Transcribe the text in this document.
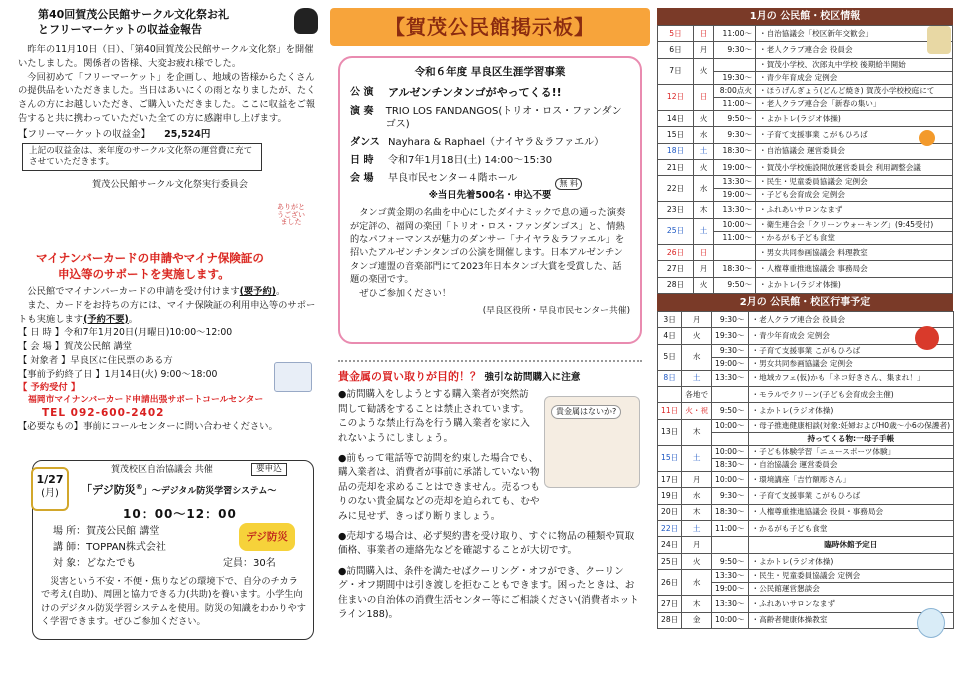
第40回賀茂公民館サークル文化祭お礼
とフリーマーケットの収益金報告
昨年の11月10日（日）、「第40回賀茂公民館サークル文化祭」を開催いたしました。関係者の皆様、大変お疲れ様でした。
今回初めて「フリーマーケット」を企画し、地域の皆様からたくさんの提供品をいただきました。当日はあいにくの雨となりましたが、たくさんの方にお越しいただき、ご購入いただきました。ここに収益をご報告すると共に携わっていただいた全ての方に感謝申し上げます。
【フリーマーケットの収益金】 25,524円
上記の収益金は、来年度のサークル文化祭の運営費に充てさせていただきます。
賀茂公民館サークル文化祭実行委員会
ありがとうございました
マイナンバーカードの申請やマイナ保険証の
申込等のサポートを実施します。
公民館でマイナンバーカードの申請を受け付けます(要予約)。
また、カードをお持ちの方には、マイナ保険証の利用申込等のサポートも実施します(予約不要)。
【 日 時 】令和7年1月20日(月曜日)10:00～12:00
【 会 場 】賀茂公民館 講堂
【 対象者 】早良区に住民票のある方
【事前予約終了日 】1月14日(火) 9:00～18:00
【 予約受付 】
福岡市マイナンバーカード申請出張サポートコールセンター
TEL 092-600-2402
【必要なもの】事前にコールセンターに問い合わせください。
1/27
(月)
賀茂校区自治協議会 共催	要申込
「デジ防災®」～デジタル防災学習システム～
10：00～12：00
場 所：賀茂公民館 講堂
講 師：TOPPAN株式会社
対 象：どなたでも	定員：30名
デジ防災
災害という不安・不便・焦りなどの環境下で、自分のチカラで考え(自助)、周囲と協力できる力(共助)を養います。小学生向けのデジタル防災学習システムを使用。防災の知識をわかりやすく学習できます。ぜひご参加ください。
【賀茂公民館掲示板】
令和６年度 早良区生涯学習事業
公 演	アルゼンチンタンゴがやってくる!!
演 奏	TRIO LOS FANDANGOS(トリオ・ロス・ファンダンゴス)
ダンス Nayhara & Raphael（ナイヤラ＆ラファエル）
日 時	令和7年1月18日(土) 14:00～15:30
会 場	早良市民センター４階ホール	無 料
※当日先着500名・申込不要
タンゴ黄金期の名曲を中心にしたダイナミックで息の通った演奏が定評の、福岡の楽団「トリオ・ロス・ファンダンゴス」と、情熱的なパフォーマンスが魅力のダンサー「ナイヤラ＆ラファエル」を招いたアルゼンチンタンゴの公演を開催します。日本アルゼンチンタンゴ連盟の音楽部門にて2023年日本タンゴ大賞を受賞した、話題の楽団です。
ぜひご参加ください！
(早良区役所・早良市民センター共催)
貴金属の買い取りが目的！？ 強引な訪問購入に注意
貴金属はないか?
●訪問購入をしようとする購入業者が突然訪問して勧誘をすることは禁止されています。このような禁止行為を行う購入業者を家に入れないようにしましょう。
●前もって電話等で訪問を約束した場合でも、購入業者は、消費者が事前に承諾していない物品の売却を求めることはできません。売るつもりのない貴金属などの売却を迫られても、むやみに見せず、きっぱり断りましょう。
●売却する場合は、必ず契約書を受け取り、すぐに物品の種類や買取価格、事業者の連絡先などを確認することが大切です。
●訪問購入は、条件を満たせばクーリング・オフができ、クーリング・オフ期間中は引き渡しを拒むこともできます。困ったときは、お住まいの自治体の消費生活センター等にご相談ください(消費者ホットライン188)。
1月の 公民館・校区情報
5日	日	11:00～	・自治協議会「校区新年交歓会」
6日	月	9:30～	・老人クラブ連合会 役員会
7日	火		・賀茂小学校、次郎丸中学校 後期給半開始
		19:30～	・青少年育成会 定例会
12日	日	8:00点火	・ほうげんぎょう(どんど焼き) 賀茂小学校校庭にて
		11:00～	・老人クラブ連合会「新春の集い」
14日	火	9:50～	・よかトレ(ラジオ体操)
15日	水	9:30～	・子育て支援事業 こがもひろば
18日	土	18:30～	・自治協議会 運営委員会
21日	火	19:00～	・賀茂小学校施設開放運営委員会 利用調整会議
22日	水	13:30～	・民生・児童委員協議会 定例会
		19:00～	・子ども会育成会 定例会
23日	木	13:30～	・ふれあいサロンなまず
25日	土	10:00～	・衛生連合会「クリーンウォーキング」(9:45受付)
		11:00～	・かるがも子ども食堂
26日	日		・男女共同参画協議会 料理教室
27日	月	18:30～	・人権尊重推進協議会 事務局会
28日	火	9:50～	・よかトレ(ラジオ体操)
2月の 公民館・校区行事予定
3日	月	9:30～	・老人クラブ連合会 役員会
4日	火	19:30～	・青少年育成会 定例会
5日	水	9:30～	・子育て支援事業 こがもひろば
		19:00～	・男女共同参画協議会 定例会
8日	土	13:30～	・地域カフェ(仮)かも「ネコ好きさん、集まれ！」
	各地で		・モラルでクリーン(子ども会育成会主催)
11日	火・祝	9:50～	・よかトレ(ラジオ体操)
13日	木	10:00～	・母子推進健康相談(対象:妊婦およびH0歳～小6の保護者)
			持ってくる物:一母子手帳
15日	土	10:00～	・子ども体験学習「ニュースポーツ体験」
		18:30～	・自治協議会 運営委員会
17日	月	10:00～	・環境講座「吉竹額彫さん」
19日	水	9:30～	・子育て支援事業 こがもひろば
20日	木	18:30～	・人権尊重推進協議会 役員・事務局会
22日	土	11:00～	・かるがも子ども食堂
24日	月		臨時休館予定日
25日	火	9:50～	・よかトレ(ラジオ体操)
26日	水	13:30～	・民生・児童委員協議会 定例会
		19:00～	・公民館運営懇談会
27日	木	13:30～	・ふれあいサロンなまず
28日	金	10:00～	・高齢者健康体操教室
